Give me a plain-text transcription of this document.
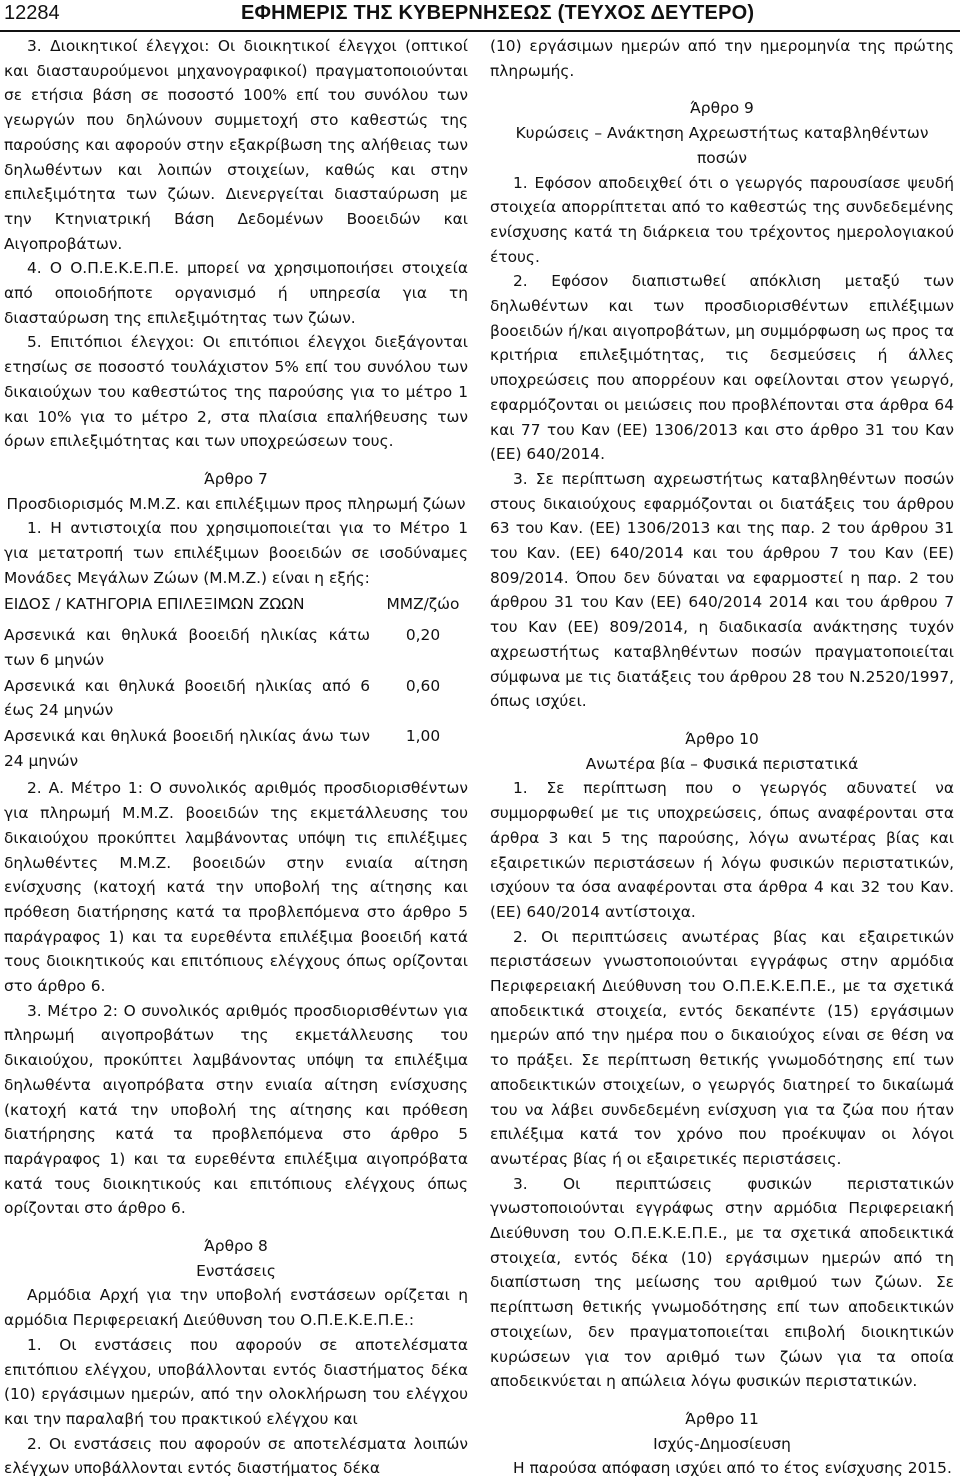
12284	ΕΦΗΜΕΡΙΣ ΤΗΣ ΚΥΒΕΡΝΗΣΕΩΣ (ΤΕΥΧΟΣ ΔΕΥΤΕΡΟ)

3. Διοικητικοί έλεγχοι: Οι διοικητικοί έλεγχοι (οπτικοί και διασταυρούμενοι μηχανογραφικοί) πραγματοποιούνται σε ετήσια βάση σε ποσοστό 100% επί του συνόλου των γεωργών που δηλώνουν συμμετοχή στο καθεστώς της παρούσης και αφορούν στην εξακρίβωση της αλήθειας των δηλωθέντων και λοιπών στοιχείων, καθώς και στην επιλεξιμότητα των ζώων. Διενεργείται διασταύρωση με την Κτηνιατρική Βάση Δεδομένων Βοοειδών και Αιγοπροβάτων.

4. Ο Ο.Π.Ε.Κ.Ε.Π.Ε. μπορεί να χρησιμοποιήσει στοιχεία από οποιοδήποτε οργανισμό ή υπηρεσία για τη διασταύρωση της επιλεξιμότητας των ζώων.

5. Επιτόπιοι έλεγχοι: Οι επιτόπιοι έλεγχοι διεξάγονται ετησίως σε ποσοστό τουλάχιστον 5% επί του συνόλου των δικαιούχων του καθεστώτος της παρούσης για το μέτρο 1 και 10% για το μέτρο 2, στα πλαίσια επαλήθευσης των όρων επιλεξιμότητας και των υποχρεώσεων τους.

Άρθρο 7
Προσδιορισμός Μ.Μ.Ζ. και επιλέξιμων προς πληρωμή ζώων

1. Η αντιστοιχία που χρησιμοποιείται για το Μέτρο 1 για μετατροπή των επιλέξιμων βοοειδών σε ισοδύναμες Μονάδες Μεγάλων Ζώων (Μ.Μ.Ζ.) είναι η εξής:

ΕΙΔΟΣ / ΚΑΤΗΓΟΡΙΑ ΕΠΙΛΕΞΙΜΩΝ ΖΩΩΝ	ΜΜΖ/ζώο
Αρσενικά και θηλυκά βοοειδή ηλικίας κάτω των 6 μηνών	0,20
Αρσενικά και θηλυκά βοοειδή ηλικίας από 6 έως 24 μηνών	0,60
Αρσενικά και θηλυκά βοοειδή ηλικίας άνω των 24 μηνών	1,00

2. Α. Μέτρο 1: Ο συνολικός αριθμός προσδιορισθέντων για πληρωμή Μ.Μ.Ζ. βοοειδών της εκμετάλλευσης του δικαιούχου προκύπτει λαμβάνοντας υπόψη τις επιλέξιμες δηλωθέντες Μ.Μ.Ζ. βοοειδών στην ενιαία αίτηση ενίσχυσης (κατοχή κατά την υποβολή της αίτησης και πρόθεση διατήρησης κατά τα προβλεπόμενα στο άρθρο 5 παράγραφος 1) και τα ευρεθέντα επιλέξιμα βοοειδή κατά τους διοικητικούς και επιτόπιους ελέγχους όπως ορίζονται στο άρθρο 6.

3. Μέτρο 2: Ο συνολικός αριθμός προσδιορισθέντων για πληρωμή αιγοπροβάτων της εκμετάλλευσης του δικαιούχου, προκύπτει λαμβάνοντας υπόψη τα επιλέξιμα δηλωθέντα αιγοπρόβατα στην ενιαία αίτηση ενίσχυσης (κατοχή κατά την υποβολή της αίτησης και πρόθεση διατήρησης κατά τα προβλεπόμενα στο άρθρο 5 παράγραφος 1) και τα ευρεθέντα επιλέξιμα αιγοπρόβατα κατά τους διοικητικούς και επιτόπιους ελέγχους όπως ορίζονται στο άρθρο 6.

Άρθρο 8
Ενστάσεις

Αρμόδια Αρχή για την υποβολή ενστάσεων ορίζεται η αρμόδια Περιφερειακή Διεύθυνση του Ο.Π.Ε.Κ.Ε.Π.Ε.:

1. Οι ενστάσεις που αφορούν σε αποτελέσματα επιτόπιου ελέγχου, υποβάλλονται εντός διαστήματος δέκα (10) εργάσιμων ημερών, από την ολοκλήρωση του ελέγχου και την παραλαβή του πρακτικού ελέγχου και

2. Οι ενστάσεις που αφορούν σε αποτελέσματα λοιπών ελέγχων υποβάλλονται εντός διαστήματος δέκα

(10) εργάσιμων ημερών από την ημερομηνία της πρώτης πληρωμής.

Άρθρο 9
Κυρώσεις – Ανάκτηση Αχρεωστήτως καταβληθέντων ποσών

1. Εφόσον αποδειχθεί ότι ο γεωργός παρουσίασε ψευδή στοιχεία απορρίπτεται από το καθεστώς της συνδεδεμένης ενίσχυσης κατά τη διάρκεια του τρέχοντος ημερολογιακού έτους.

2. Εφόσον διαπιστωθεί απόκλιση μεταξύ των δηλωθέντων και των προσδιορισθέντων επιλέξιμων βοοειδών ή/και αιγοπροβάτων, μη συμμόρφωση ως προς τα κριτήρια επιλεξιμότητας, τις δεσμεύσεις ή άλλες υποχρεώσεις που απορρέουν και οφείλονται στον γεωργό, εφαρμόζονται οι μειώσεις που προβλέπονται στα άρθρα 64 και 77 του Καν (ΕΕ) 1306/2013 και στο άρθρο 31 του Καν (ΕΕ) 640/2014.

3. Σε περίπτωση αχρεωστήτως καταβληθέντων ποσών στους δικαιούχους εφαρμόζονται οι διατάξεις του άρθρου 63 του Καν. (ΕΕ) 1306/2013 και της παρ. 2 του άρθρου 31 του Καν. (ΕΕ) 640/2014 και του άρθρου 7 του Καν (ΕΕ) 809/2014. Όπου δεν δύναται να εφαρμοστεί η παρ. 2 του άρθρου 31 του Καν (ΕΕ) 640/2014 2014 και του άρθρου 7 του Καν (ΕΕ) 809/2014, η διαδικασία ανάκτησης τυχόν αχρεωστήτως καταβληθέντων ποσών πραγματοποιείται σύμφωνα με τις διατάξεις του άρθρου 28 του Ν.2520/1997, όπως ισχύει.

Άρθρο 10
Ανωτέρα βία – Φυσικά περιστατικά

1. Σε περίπτωση που ο γεωργός αδυνατεί να συμμορφωθεί με τις υποχρεώσεις, όπως αναφέρονται στα άρθρα 3 και 5 της παρούσης, λόγω ανωτέρας βίας και εξαιρετικών περιστάσεων ή λόγω φυσικών περιστατικών, ισχύουν τα όσα αναφέρονται στα άρθρα 4 και 32 του Καν. (ΕΕ) 640/2014 αντίστοιχα.

2. Οι περιπτώσεις ανωτέρας βίας και εξαιρετικών περιστάσεων γνωστοποιούνται εγγράφως στην αρμόδια Περιφερειακή Διεύθυνση του Ο.Π.Ε.Κ.Ε.Π.Ε., με τα σχετικά αποδεικτικά στοιχεία, εντός δεκαπέντε (15) εργάσιμων ημερών από την ημέρα που ο δικαιούχος είναι σε θέση να το πράξει. Σε περίπτωση θετικής γνωμοδότησης επί των αποδεικτικών στοιχείων, ο γεωργός διατηρεί το δικαίωμά του να λάβει συνδεδεμένη ενίσχυση για τα ζώα που ήταν επιλέξιμα κατά τον χρόνο που προέκυψαν οι λόγοι ανωτέρας βίας ή οι εξαιρετικές περιστάσεις.

3. Οι περιπτώσεις φυσικών περιστατικών γνωστοποιούνται εγγράφως στην αρμόδια Περιφερειακή Διεύθυνση του Ο.Π.Ε.Κ.Ε.Π.Ε., με τα σχετικά αποδεικτικά στοιχεία, εντός δέκα (10) εργάσιμων ημερών από τη διαπίστωση της μείωσης του αριθμού των ζώων. Σε περίπτωση θετικής γνωμοδότησης επί των αποδεικτικών στοιχείων, δεν πραγματοποιείται επιβολή διοικητικών κυρώσεων για τον αριθμό των ζώων για τα οποία αποδεικνύεται η απώλεια λόγω φυσικών περιστατικών.

Άρθρο 11
Ισχύς-Δημοσίευση

Η παρούσα απόφαση ισχύει από το έτος ενίσχυσης 2015.
